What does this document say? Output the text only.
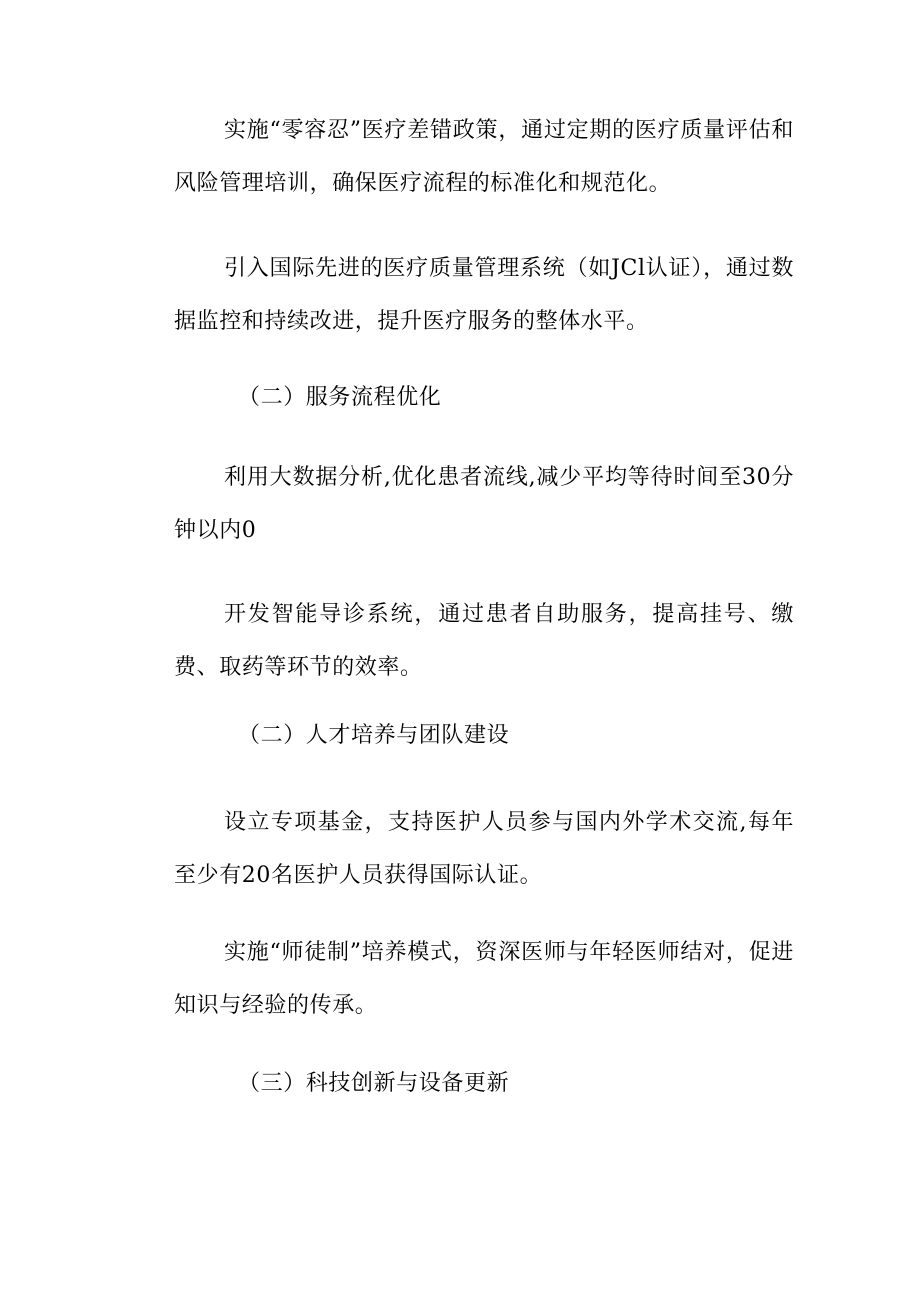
实施“零容忍”医疗差错政策，通过定期的医疗质量评估和风险管理培训，确保医疗流程的标准化和规范化。

引入国际先进的医疗质量管理系统（如JCl认证），通过数据监控和持续改进，提升医疗服务的整体水平。

（二）服务流程优化

利用大数据分析,优化患者流线,减少平均等待时间至30分钟以内0

开发智能导诊系统，通过患者自助服务，提高挂号、缴费、取药等环节的效率。

（二）人才培养与团队建设

设立专项基金，支持医护人员参与国内外学术交流,每年至少有20名医护人员获得国际认证。

实施“师徒制”培养模式，资深医师与年轻医师结对，促进知识与经验的传承。

（三）科技创新与设备更新
